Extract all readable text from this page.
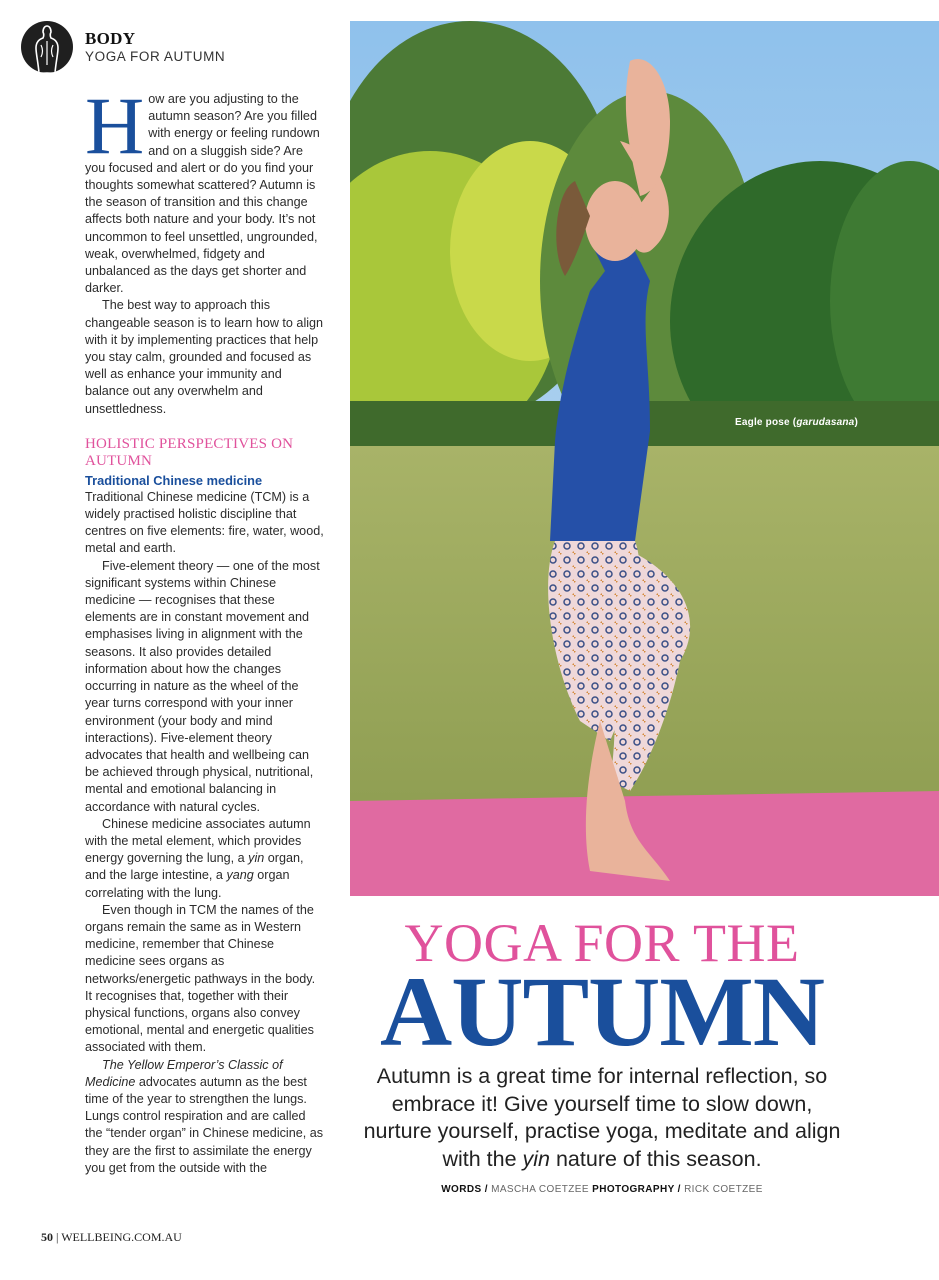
BODY
YOGA FOR AUTUMN

How are you adjusting to the autumn season? Are you filled with energy or feeling rundown and on a sluggish side? Are you focused and alert or do you find your thoughts somewhat scattered? Autumn is the season of transition and this change affects both nature and your body. It’s not uncommon to feel unsettled, ungrounded, weak, overwhelmed, fidgety and unbalanced as the days get shorter and darker.

The best way to approach this changeable season is to learn how to align with it by implementing practices that help you stay calm, grounded and focused as well as enhance your immunity and balance out any overwhelm and unsettledness.

HOLISTIC PERSPECTIVES ON AUTUMN
Traditional Chinese medicine

Traditional Chinese medicine (TCM) is a widely practised holistic discipline that centres on five elements: fire, water, wood, metal and earth.

Five-element theory — one of the most significant systems within Chinese medicine — recognises that these elements are in constant movement and emphasises living in alignment with the seasons. It also provides detailed information about how the changes occurring in nature as the wheel of the year turns correspond with your inner environment (your body and mind interactions). Five-element theory advocates that health and wellbeing can be achieved through physical, nutritional, mental and emotional balancing in accordance with natural cycles.

Chinese medicine associates autumn with the metal element, which provides energy governing the lung, a yin organ, and the large intestine, a yang organ correlating with the lung.

Even though in TCM the names of the organs remain the same as in Western medicine, remember that Chinese medicine sees organs as networks/energetic pathways in the body. It recognises that, together with their physical functions, organs also convey emotional, mental and energetic qualities associated with them.

The Yellow Emperor’s Classic of Medicine advocates autumn as the best time of the year to strengthen the lungs. Lungs control respiration and are called the “tender organ” in Chinese medicine, as they are the first to assimilate the energy you get from the outside with the

Eagle pose (garudasana)
YOGA FOR THE
AUTUMN
Autumn is a great time for internal reflection, so embrace it! Give yourself time to slow down, nurture yourself, practise yoga, meditate and align with the yin nature of this season.
WORDS / MASCHA COETZEE PHOTOGRAPHY / RICK COETZEE
50 | WELLBEING.COM.AU
